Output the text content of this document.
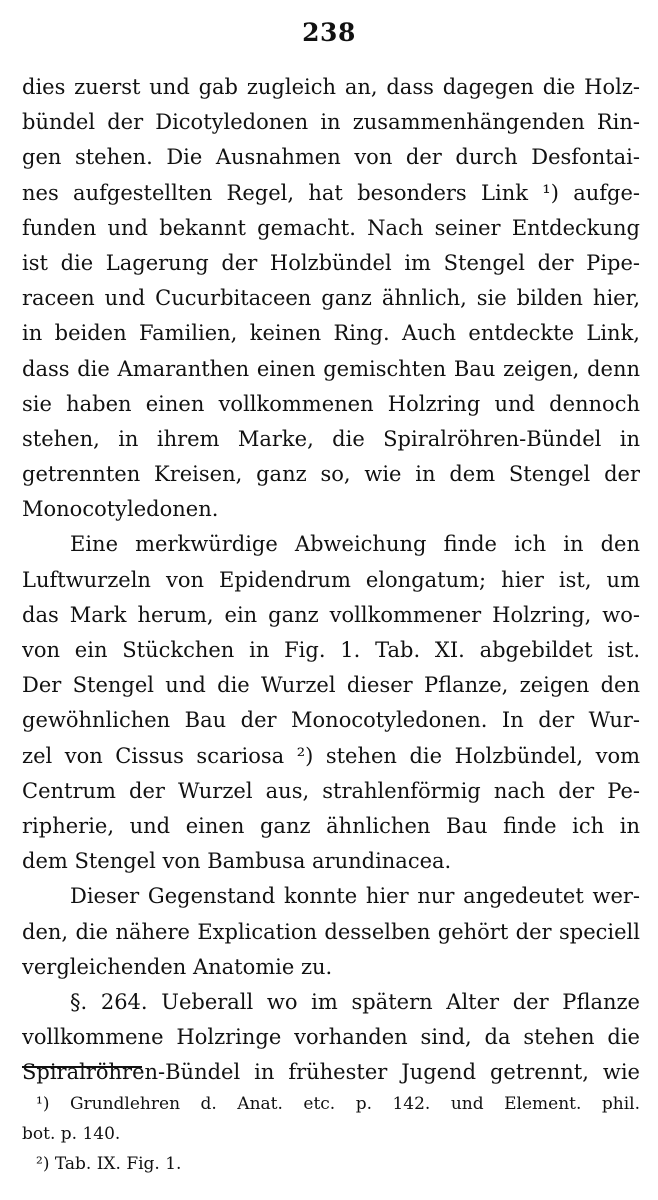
238
dies zuerst und gab zugleich an, dass dagegen die Holz-
bündel der Dicotyledonen in zusammenhängenden Rin-
gen stehen. Die Ausnahmen von der durch Desfontai-
nes aufgestellten Regel, hat besonders Link ¹) aufge-
funden und bekannt gemacht. Nach seiner Entdeckung
ist die Lagerung der Holzbündel im Stengel der Pipe-
raceen und Cucurbitaceen ganz ähnlich, sie bilden hier,
in beiden Familien, keinen Ring. Auch entdeckte Link,
dass die Amaranthen einen gemischten Bau zeigen, denn
sie haben einen vollkommenen Holzring und dennoch
stehen, in ihrem Marke, die Spiralröhren-Bündel in
getrennten Kreisen, ganz so, wie in dem Stengel der
Monocotyledonen.
Eine merkwürdige Abweichung finde ich in den
Luftwurzeln von Epidendrum elongatum; hier ist, um
das Mark herum, ein ganz vollkommener Holzring, wo-
von ein Stückchen in Fig. 1. Tab. XI. abgebildet ist.
Der Stengel und die Wurzel dieser Pflanze, zeigen den
gewöhnlichen Bau der Monocotyledonen. In der Wur-
zel von Cissus scariosa ²) stehen die Holzbündel, vom
Centrum der Wurzel aus, strahlenförmig nach der Pe-
ripherie, und einen ganz ähnlichen Bau finde ich in
dem Stengel von Bambusa arundinacea.
Dieser Gegenstand konnte hier nur angedeutet wer-
den, die nähere Explication desselben gehört der speciell
vergleichenden Anatomie zu.
§. 264. Ueberall wo im spätern Alter der Pflanze
vollkommene Holzringe vorhanden sind, da stehen die
Spiralröhren-Bündel in frühester Jugend getrennt, wie
¹) Grundlehren d. Anat. etc. p. 142. und Element. phil.
bot. p. 140.
²) Tab. IX. Fig. 1.
